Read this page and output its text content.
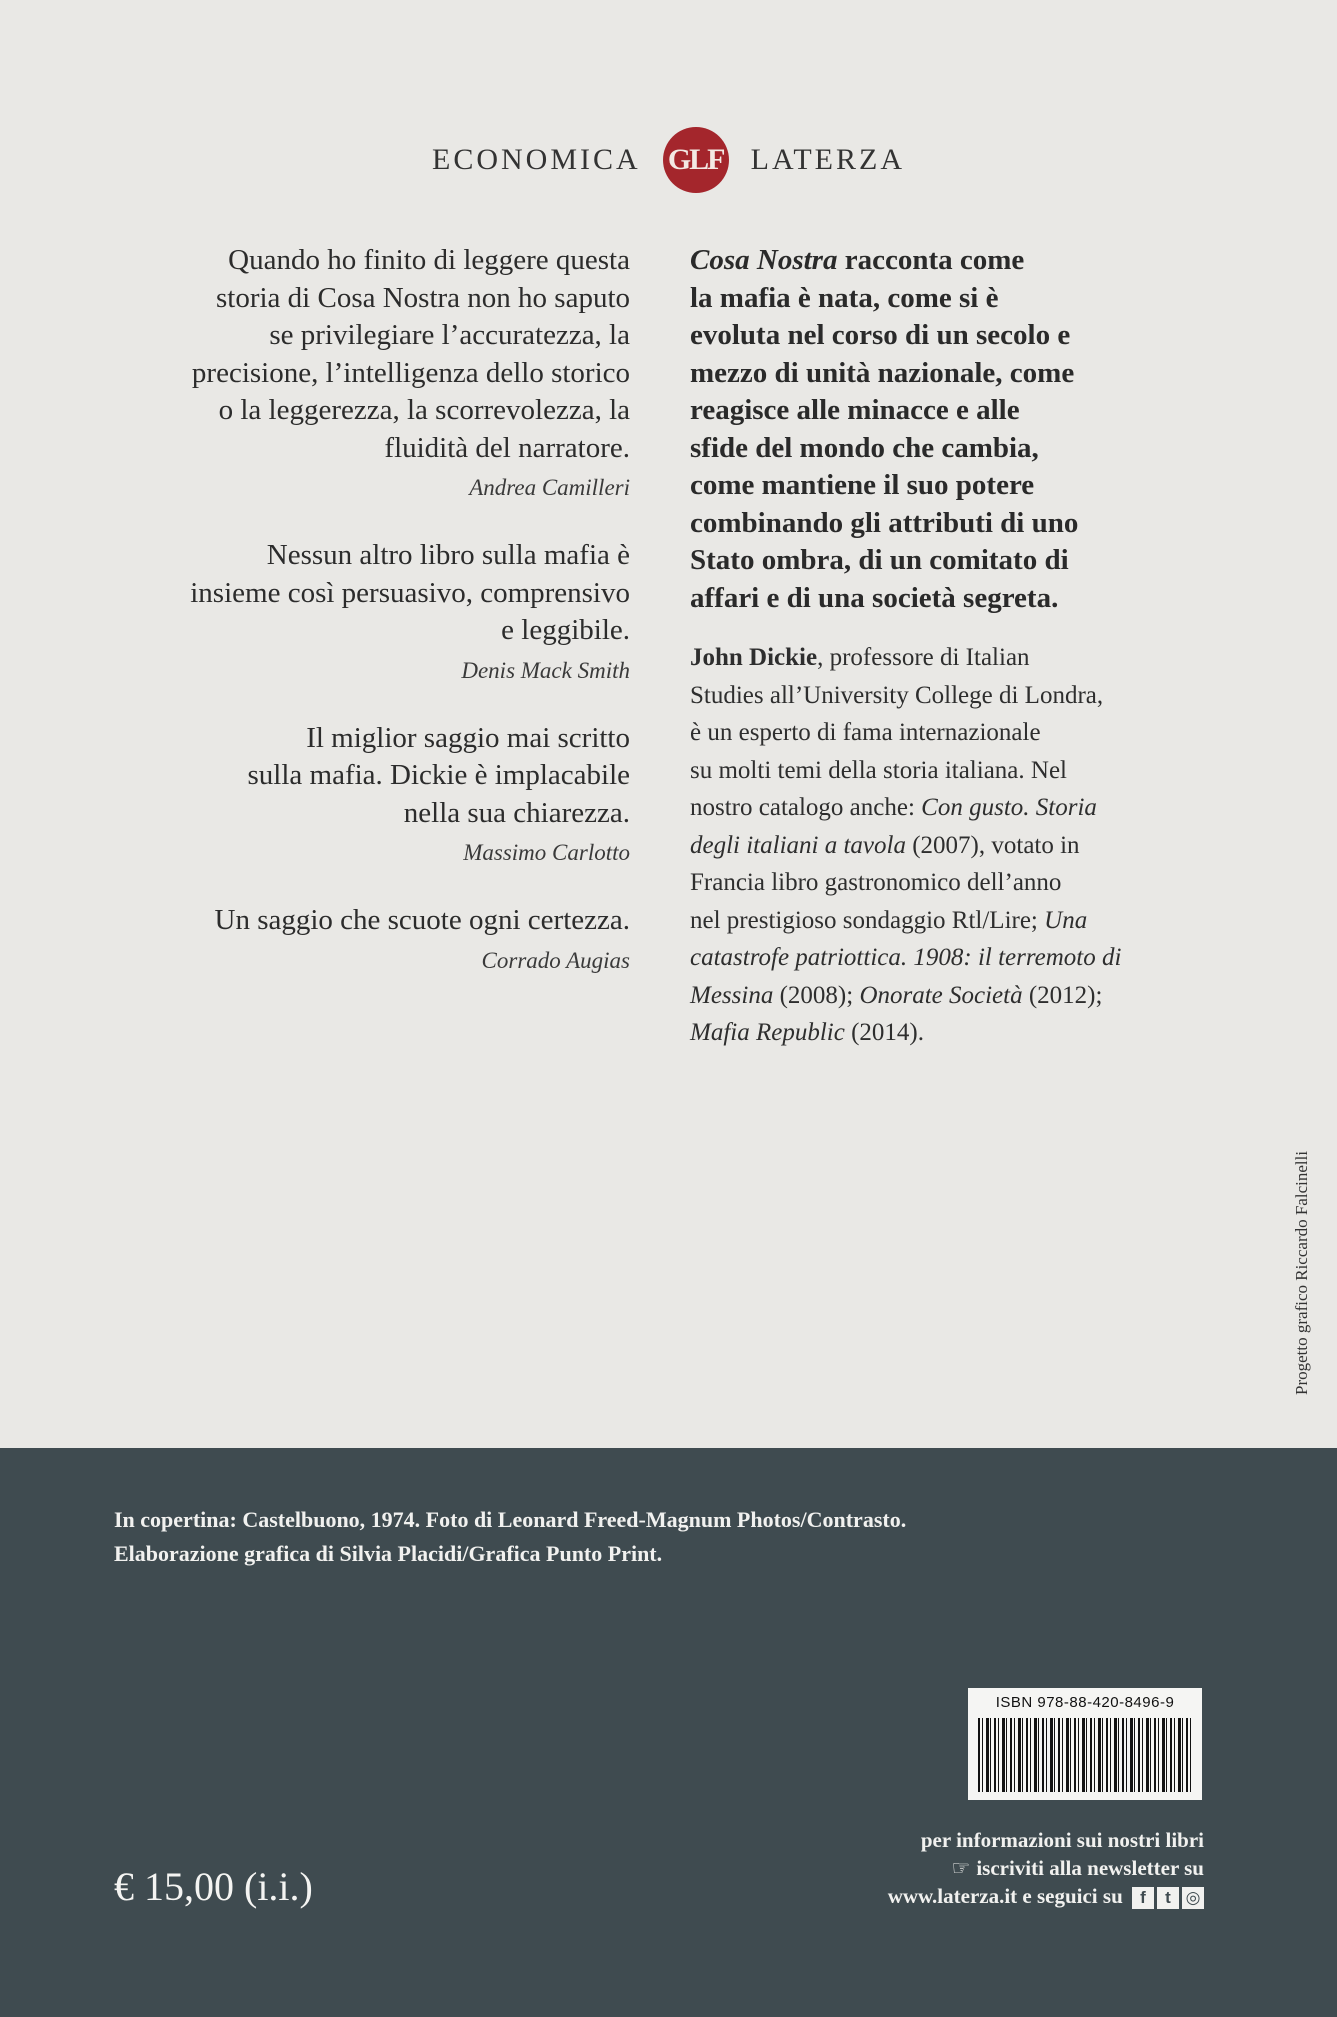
ECONOMICA GLF LATERZA

Quando ho finito di leggere questa
storia di Cosa Nostra non ho saputo
se privilegiare l’accuratezza, la
precisione, l’intelligenza dello storico
o la leggerezza, la scorrevolezza, la
fluidità del narratore.

Andrea Camilleri

Nessun altro libro sulla mafia è
insieme così persuasivo, comprensivo
e leggibile.

Denis Mack Smith

Il miglior saggio mai scritto
sulla mafia. Dickie è implacabile
nella sua chiarezza.

Massimo Carlotto

Un saggio che scuote ogni certezza.

Corrado Augias

Cosa Nostra racconta come
la mafia è nata, come si è
evoluta nel corso di un secolo e
mezzo di unità nazionale, come
reagisce alle minacce e alle
sfide del mondo che cambia,
come mantiene il suo potere
combinando gli attributi di uno
Stato ombra, di un comitato di
affari e di una società segreta.

John Dickie, professore di Italian
Studies all’University College di Londra,
è un esperto di fama internazionale
su molti temi della storia italiana. Nel
nostro catalogo anche: Con gusto. Storia
degli italiani a tavola (2007), votato in
Francia libro gastronomico dell’anno
nel prestigioso sondaggio Rtl/Lire; Una
catastrofe patriottica. 1908: il terremoto di
Messina (2008); Onorate Società (2012);
Mafia Republic (2014).

Progetto grafico Riccardo Falcinelli
In copertina: Castelbuono, 1974. Foto di Leonard Freed-Magnum Photos/Contrasto.
Elaborazione grafica di Silvia Placidi/Grafica Punto Print.
ISBN 978-88-420-8496-9
per informazioni sui nostri libri
☞ iscriviti alla newsletter su
www.laterza.it e seguici su	f	t ◎
€ 15,00 (i.i.)
